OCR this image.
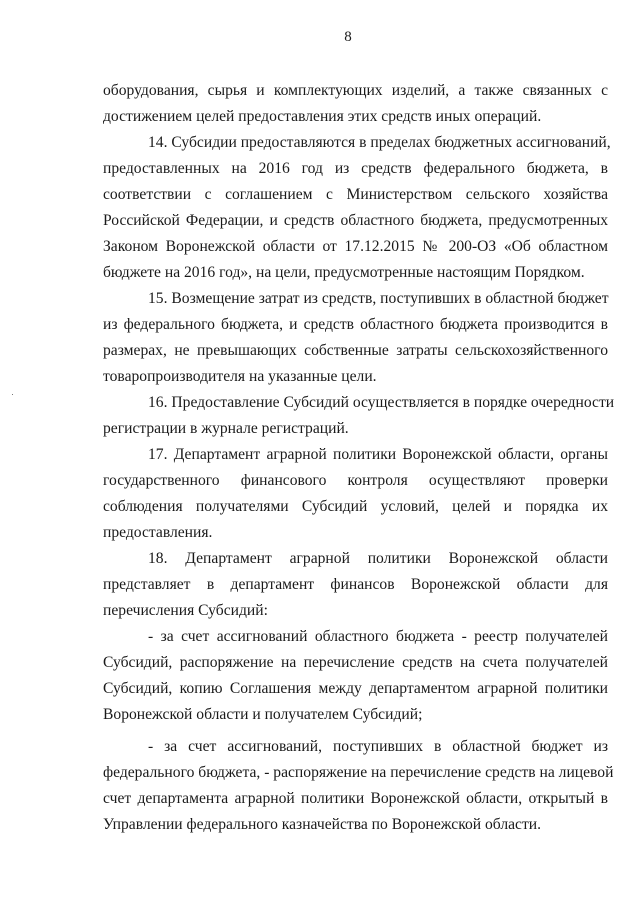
8
оборудования, сырья и комплектующих изделий, а также связанных с
достижением целей предоставления этих средств иных операций.
14. Субсидии предоставляются в пределах бюджетных ассигнований,
предоставленных на 2016 год из средств федерального бюджета, в
соответствии с соглашением с Министерством сельского хозяйства
Российской Федерации, и средств областного бюджета, предусмотренных
Законом Воронежской области от 17.12.2015 № 200-ОЗ «Об областном
бюджете на 2016 год», на цели, предусмотренные настоящим Порядком.
15. Возмещение затрат из средств, поступивших в областной бюджет
из федерального бюджета, и средств областного бюджета производится в
размерах, не превышающих собственные затраты сельскохозяйственного
товаропроизводителя на указанные цели.
16. Предоставление Субсидий осуществляется в порядке очередности
регистрации в журнале регистраций.
17. Департамент аграрной политики Воронежской области, органы
государственного финансового контроля осуществляют проверки
соблюдения получателями Субсидий условий, целей и порядка их
предоставления.
18. Департамент аграрной политики Воронежской области
представляет в департамент финансов Воронежской области для
перечисления Субсидий:
- за счет ассигнований областного бюджета - реестр получателей
Субсидий, распоряжение на перечисление средств на счета получателей
Субсидий, копию Соглашения между департаментом аграрной политики
Воронежской области и получателем Субсидий;
- за счет ассигнований, поступивших в областной бюджет из
федерального бюджета, - распоряжение на перечисление средств на лицевой
счет департамента аграрной политики Воронежской области, открытый в
Управлении федерального казначейства по Воронежской области.
